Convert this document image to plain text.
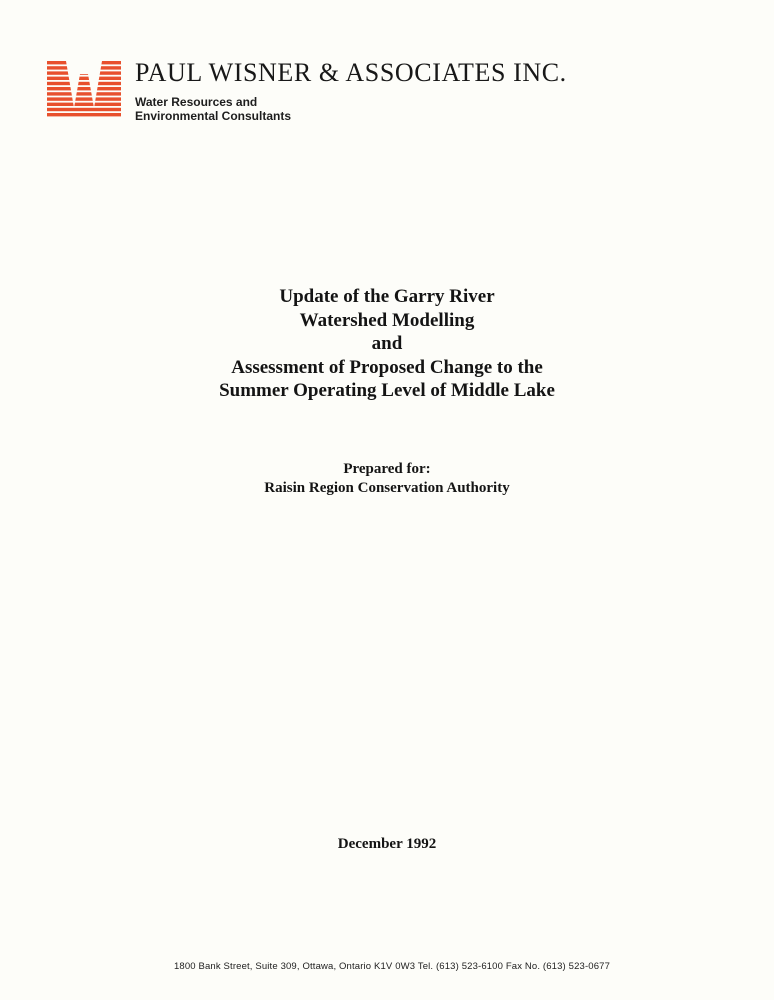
PAUL WISNER & ASSOCIATES INC.
Water Resources and
Environmental Consultants
Update of the Garry River
Watershed Modelling
and
Assessment of Proposed Change to the
Summer Operating Level of Middle Lake
Prepared for:
Raisin Region Conservation Authority
December 1992
1800 Bank Street, Suite 309, Ottawa, Ontario K1V 0W3 Tel. (613) 523-6100 Fax No. (613) 523-0677
